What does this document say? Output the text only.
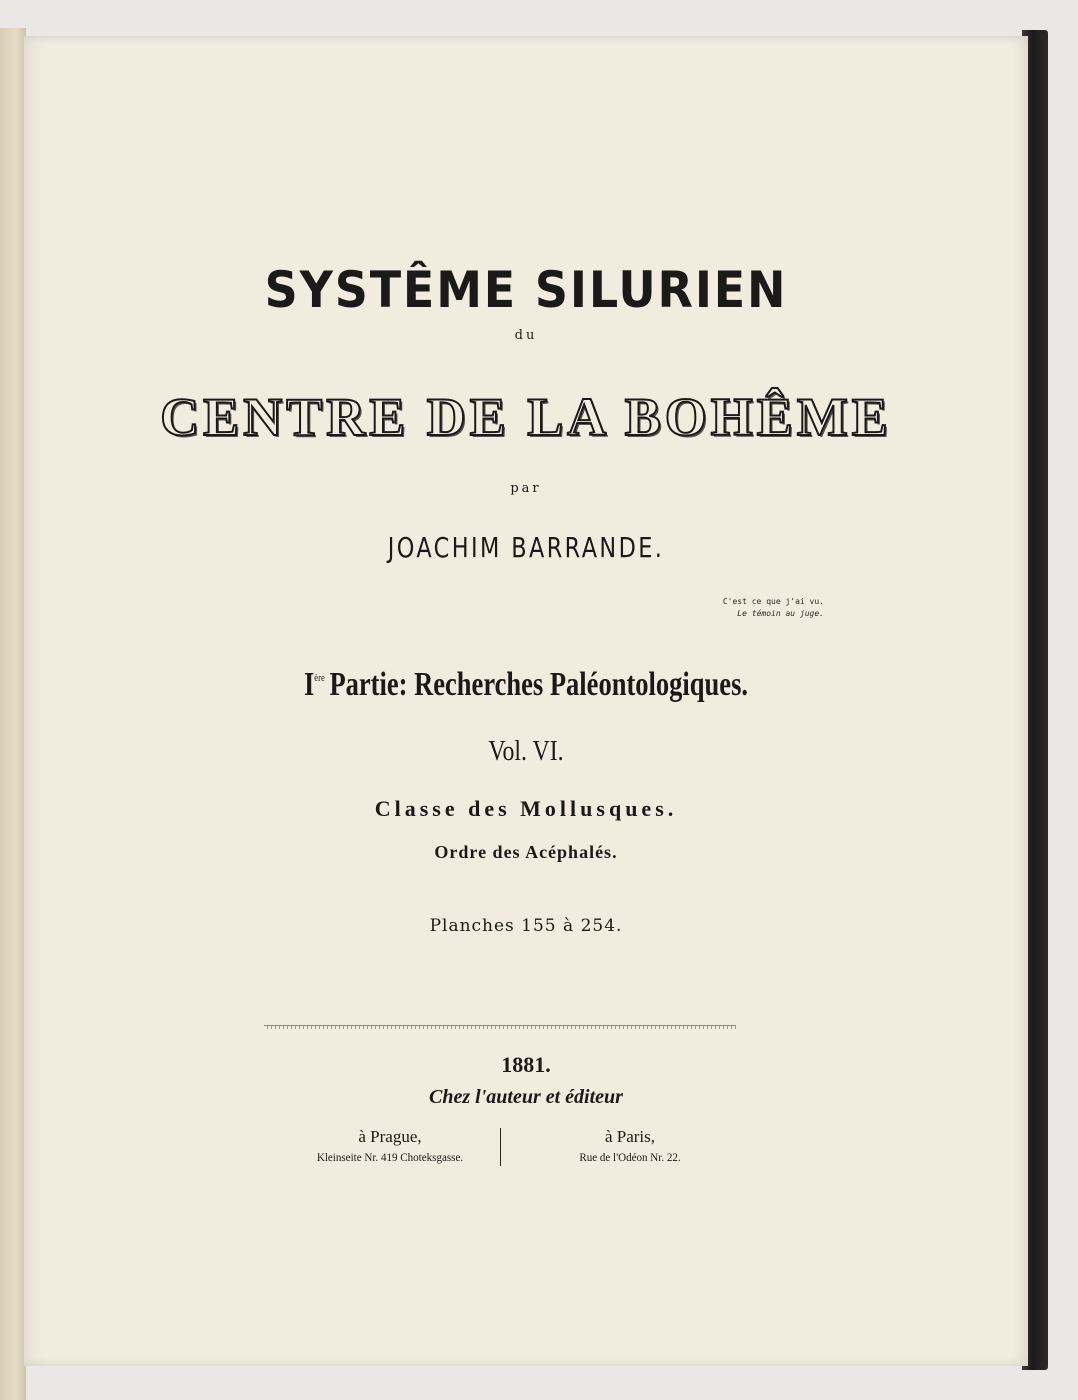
SYSTÊME SILURIEN
du
CENTRE DE LA BOHÊME
par
JOACHIM BARRANDE.
C'est ce que j'ai vu.
Le témoin au juge.
Ière Partie: Recherches Paléontologiques.
Vol. VI.
Classe des Mollusques.
Ordre des Acéphalés.
Planches 155 à 254.
1881.
Chez l'auteur et éditeur
à Prague,
Kleinseite Nr. 419 Choteksgasse.
à Paris,
Rue de l'Odéon Nr. 22.
